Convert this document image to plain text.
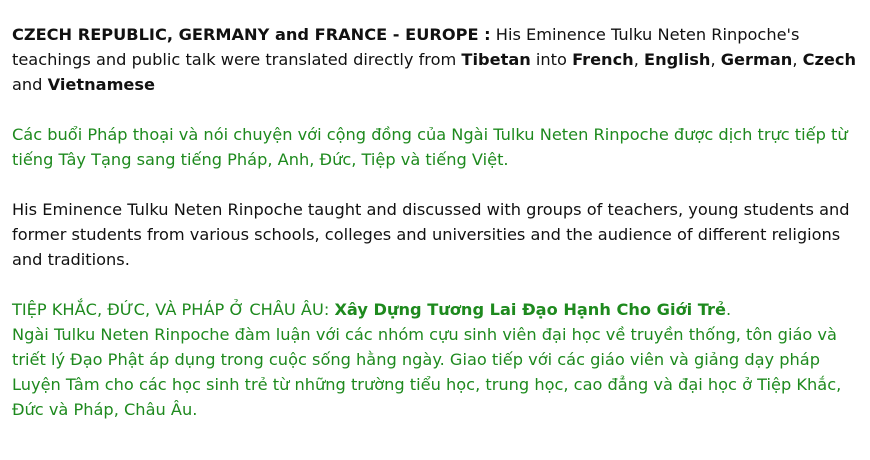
CZECH REPUBLIC, GERMANY and FRANCE - EUROPE : His Eminence Tulku Neten Rinpoche's teachings and public talk were translated directly from Tibetan into French, English, German, Czech and Vietnamese

Các buổi Pháp thoại và nói chuyện với cộng đồng của Ngài Tulku Neten Rinpoche được dịch trực tiếp từ tiếng Tây Tạng sang tiếng Pháp, Anh, Đức, Tiệp và tiếng Việt.

His Eminence Tulku Neten Rinpoche taught and discussed with groups of teachers, young students and former students from various schools, colleges and universities and the audience of different religions and traditions.

TIỆP KHẮC, ĐỨC, VÀ PHÁP Ở CHÂU ÂU: Xây Dựng Tương Lai Đạo Hạnh Cho Giới Trẻ.

Ngài Tulku Neten Rinpoche đàm luận với các nhóm cựu sinh viên đại học về truyền thống, tôn giáo và triết lý Đạo Phật áp dụng trong cuộc sống hằng ngày. Giao tiếp với các giáo viên và giảng dạy pháp Luyện Tâm cho các học sinh trẻ từ những trường tiểu học, trung học, cao đẳng và đại học ở Tiệp Khắc, Đức và Pháp, Châu Âu.
